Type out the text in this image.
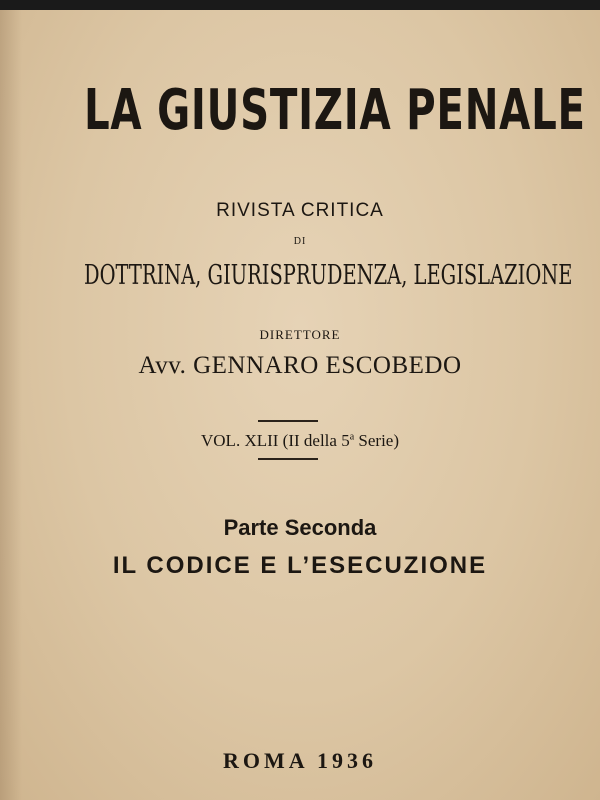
LA GIUSTIZIA PENALE
RIVISTA CRITICA
DI
DOTTRINA, GIURISPRUDENZA, LEGISLAZIONE
DIRETTORE
Avv. GENNARO ESCOBEDO
VOL. XLII (II della 5$^a$ Serie)
Parte Seconda
IL CODICE E L’ESECUZIONE
ROMA 1936
